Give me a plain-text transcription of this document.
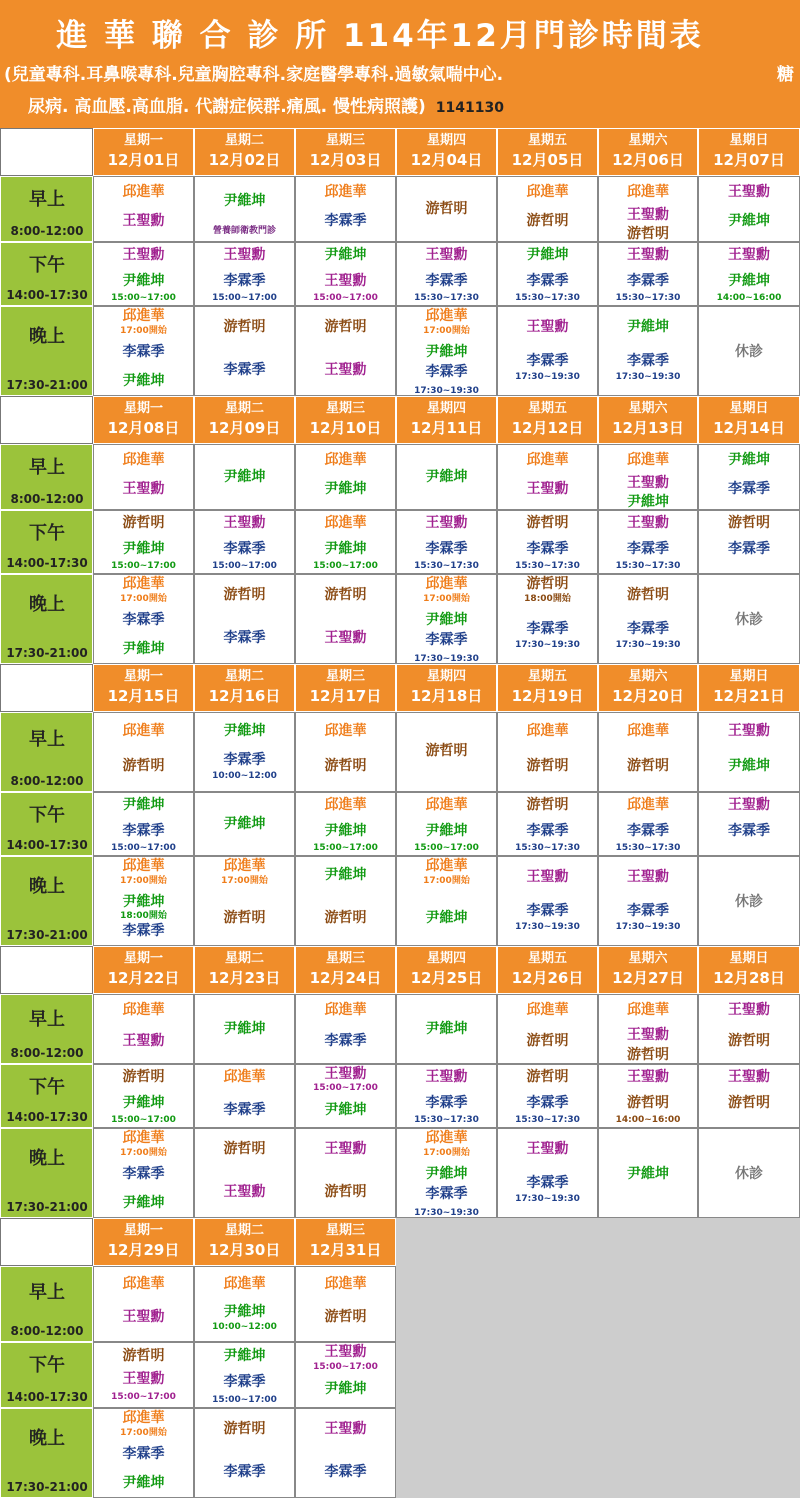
進 華 聯 合 診 所 114年12月門診時間表
(兒童專科.耳鼻喉專科.兒童胸腔專科.家庭醫學專科.過敏氣喘中心.	糖
尿病. 高血壓.高血脂. 代謝症候群.痛風. 慢性病照護) 1141130
星期一
12月01日
星期二
12月02日
星期三
12月03日
星期四
12月04日
星期五
12月05日
星期六
12月06日
星期日
12月07日
早上
8:00-12:00
邱進華
王聖勳
尹維坤
營養師衛教門診
邱進華
李霖季
游哲明
邱進華
游哲明
邱進華
王聖勳
游哲明
王聖勳
尹維坤
下午
14:00-17:30
王聖勳
尹維坤
15:00~17:00
王聖勳
李霖季
15:00~17:00
尹維坤
王聖勳
15:00~17:00
王聖勳
李霖季
15:30~17:30
尹維坤
李霖季
15:30~17:30
王聖勳
李霖季
15:30~17:30
王聖勳
尹維坤
14:00~16:00
晚上
17:30-21:00
邱進華
17:00開始
李霖季
尹維坤
游哲明
李霖季
游哲明
王聖勳
邱進華
17:00開始
尹維坤
李霖季
17:30~19:30
王聖勳
李霖季
17:30~19:30
尹維坤
李霖季
17:30~19:30
休診
星期一
12月08日
星期二
12月09日
星期三
12月10日
星期四
12月11日
星期五
12月12日
星期六
12月13日
星期日
12月14日
早上
8:00-12:00
邱進華
王聖勳
尹維坤
邱進華
尹維坤
尹維坤
邱進華
王聖勳
邱進華
王聖勳
尹維坤
尹維坤
李霖季
下午
14:00-17:30
游哲明
尹維坤
15:00~17:00
王聖勳
李霖季
15:00~17:00
邱進華
尹維坤
15:00~17:00
王聖勳
李霖季
15:30~17:30
游哲明
李霖季
15:30~17:30
王聖勳
李霖季
15:30~17:30
游哲明
李霖季
晚上
17:30-21:00
邱進華
17:00開始
李霖季
尹維坤
游哲明
李霖季
游哲明
王聖勳
邱進華
17:00開始
尹維坤
李霖季
17:30~19:30
游哲明
18:00開始
李霖季
17:30~19:30
游哲明
李霖季
17:30~19:30
休診
星期一
12月15日
星期二
12月16日
星期三
12月17日
星期四
12月18日
星期五
12月19日
星期六
12月20日
星期日
12月21日
早上
8:00-12:00
邱進華
游哲明
尹維坤
李霖季
10:00~12:00
邱進華
游哲明
游哲明
邱進華
游哲明
邱進華
游哲明
王聖勳
尹維坤
下午
14:00-17:30
尹維坤
李霖季
15:00~17:00
尹維坤
邱進華
尹維坤
15:00~17:00
邱進華
尹維坤
15:00~17:00
游哲明
李霖季
15:30~17:30
邱進華
李霖季
15:30~17:30
王聖勳
李霖季
晚上
17:30-21:00
邱進華
17:00開始
尹維坤
18:00開始
李霖季
邱進華
17:00開始
游哲明
尹維坤
游哲明
邱進華
17:00開始
尹維坤
王聖勳
李霖季
17:30~19:30
王聖勳
李霖季
17:30~19:30
休診
星期一
12月22日
星期二
12月23日
星期三
12月24日
星期四
12月25日
星期五
12月26日
星期六
12月27日
星期日
12月28日
早上
8:00-12:00
邱進華
王聖勳
尹維坤
邱進華
李霖季
尹維坤
邱進華
游哲明
邱進華
王聖勳
游哲明
王聖勳
游哲明
下午
14:00-17:30
游哲明
尹維坤
15:00~17:00
邱進華
李霖季
王聖勳
15:00~17:00
尹維坤
王聖勳
李霖季
15:30~17:30
游哲明
李霖季
15:30~17:30
王聖勳
游哲明
14:00~16:00
王聖勳
游哲明
晚上
17:30-21:00
邱進華
17:00開始
李霖季
尹維坤
游哲明
王聖勳
王聖勳
游哲明
邱進華
17:00開始
尹維坤
李霖季
17:30~19:30
王聖勳
李霖季
17:30~19:30
尹維坤	休診
星期一
12月29日
星期二
12月30日
星期三
12月31日
早上
8:00-12:00
邱進華
王聖勳
邱進華
尹維坤
10:00~12:00
邱進華
游哲明
下午
14:00-17:30
游哲明
王聖勳
15:00~17:00
尹維坤
李霖季
15:00~17:00
王聖勳
15:00~17:00
尹維坤
晚上
17:30-21:00
邱進華
17:00開始
李霖季
尹維坤
游哲明
李霖季
王聖勳
李霖季
